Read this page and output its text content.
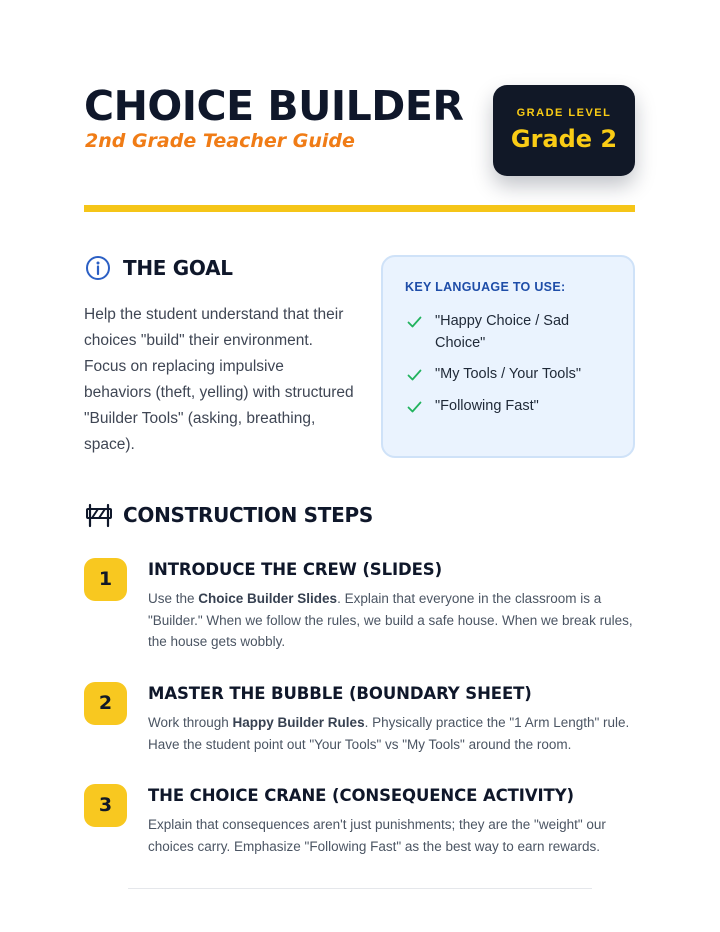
CHOICE BUILDER
2nd Grade Teacher Guide
GRADE LEVEL
Grade 2
THE GOAL

Help the student understand that their choices "build" their environment. Focus on replacing impulsive behaviors (theft, yelling) with structured "Builder Tools" (asking, breathing, space).

KEY LANGUAGE TO USE:
"Happy Choice / Sad Choice"
"My Tools / Your Tools"
"Following Fast"
CONSTRUCTION STEPS
1	INTRODUCE THE CREW (SLIDES)

Use the Choice Builder Slides. Explain that everyone in the classroom is a "Builder." When we follow the rules, we build a safe house. When we break rules, the house gets wobbly.

2	MASTER THE BUBBLE (BOUNDARY SHEET)

Work through Happy Builder Rules. Physically practice the "1 Arm Length" rule. Have the student point out "Your Tools" vs "My Tools" around the room.

3	THE CHOICE CRANE (CONSEQUENCE ACTIVITY)

Explain that consequences aren't just punishments; they are the "weight" our choices carry. Emphasize "Following Fast" as the best way to earn rewards.
